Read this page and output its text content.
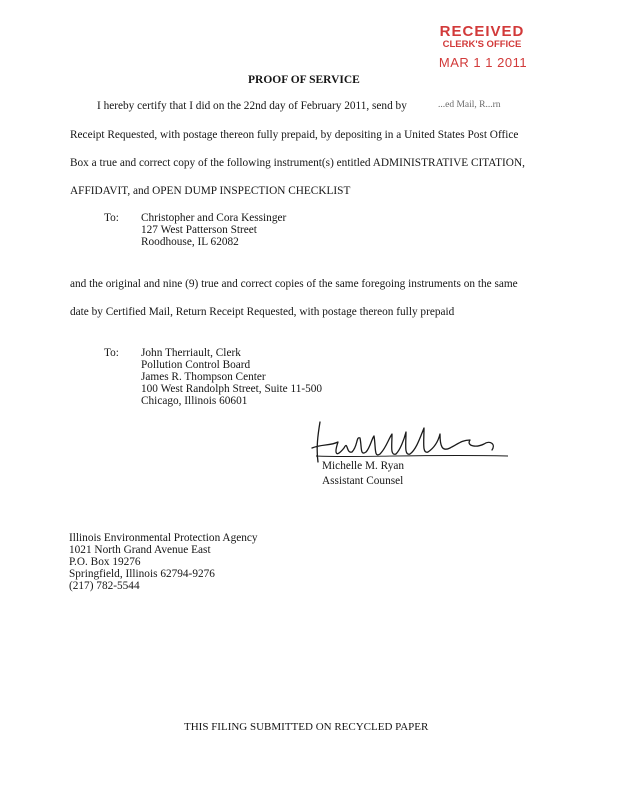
RECEIVED
CLERK'S OFFICE
MAR 1 1 2011
PROOF OF SERVICE
I hereby certify that I did on the 22nd day of February 2011, send by	...ed Mail, R...rn
Receipt Requested, with postage thereon fully prepaid, by depositing in a United States Post Office
Box a true and correct copy of the following instrument(s) entitled ADMINISTRATIVE CITATION,
AFFIDAVIT, and OPEN DUMP INSPECTION CHECKLIST
To: Christopher and Cora Kessinger
127 West Patterson Street
Roodhouse, IL 62082
and the original and nine (9) true and correct copies of the same foregoing instruments on the same
date by Certified Mail, Return Receipt Requested, with postage thereon fully prepaid
To: John Therriault, Clerk
Pollution Control Board
James R. Thompson Center
100 West Randolph Street, Suite 11-500
Chicago, Illinois 60601
Michelle M. Ryan
Assistant Counsel
Illinois Environmental Protection Agency
1021 North Grand Avenue East
P.O. Box 19276
Springfield, Illinois 62794-9276
(217) 782-5544
THIS FILING SUBMITTED ON RECYCLED PAPER
